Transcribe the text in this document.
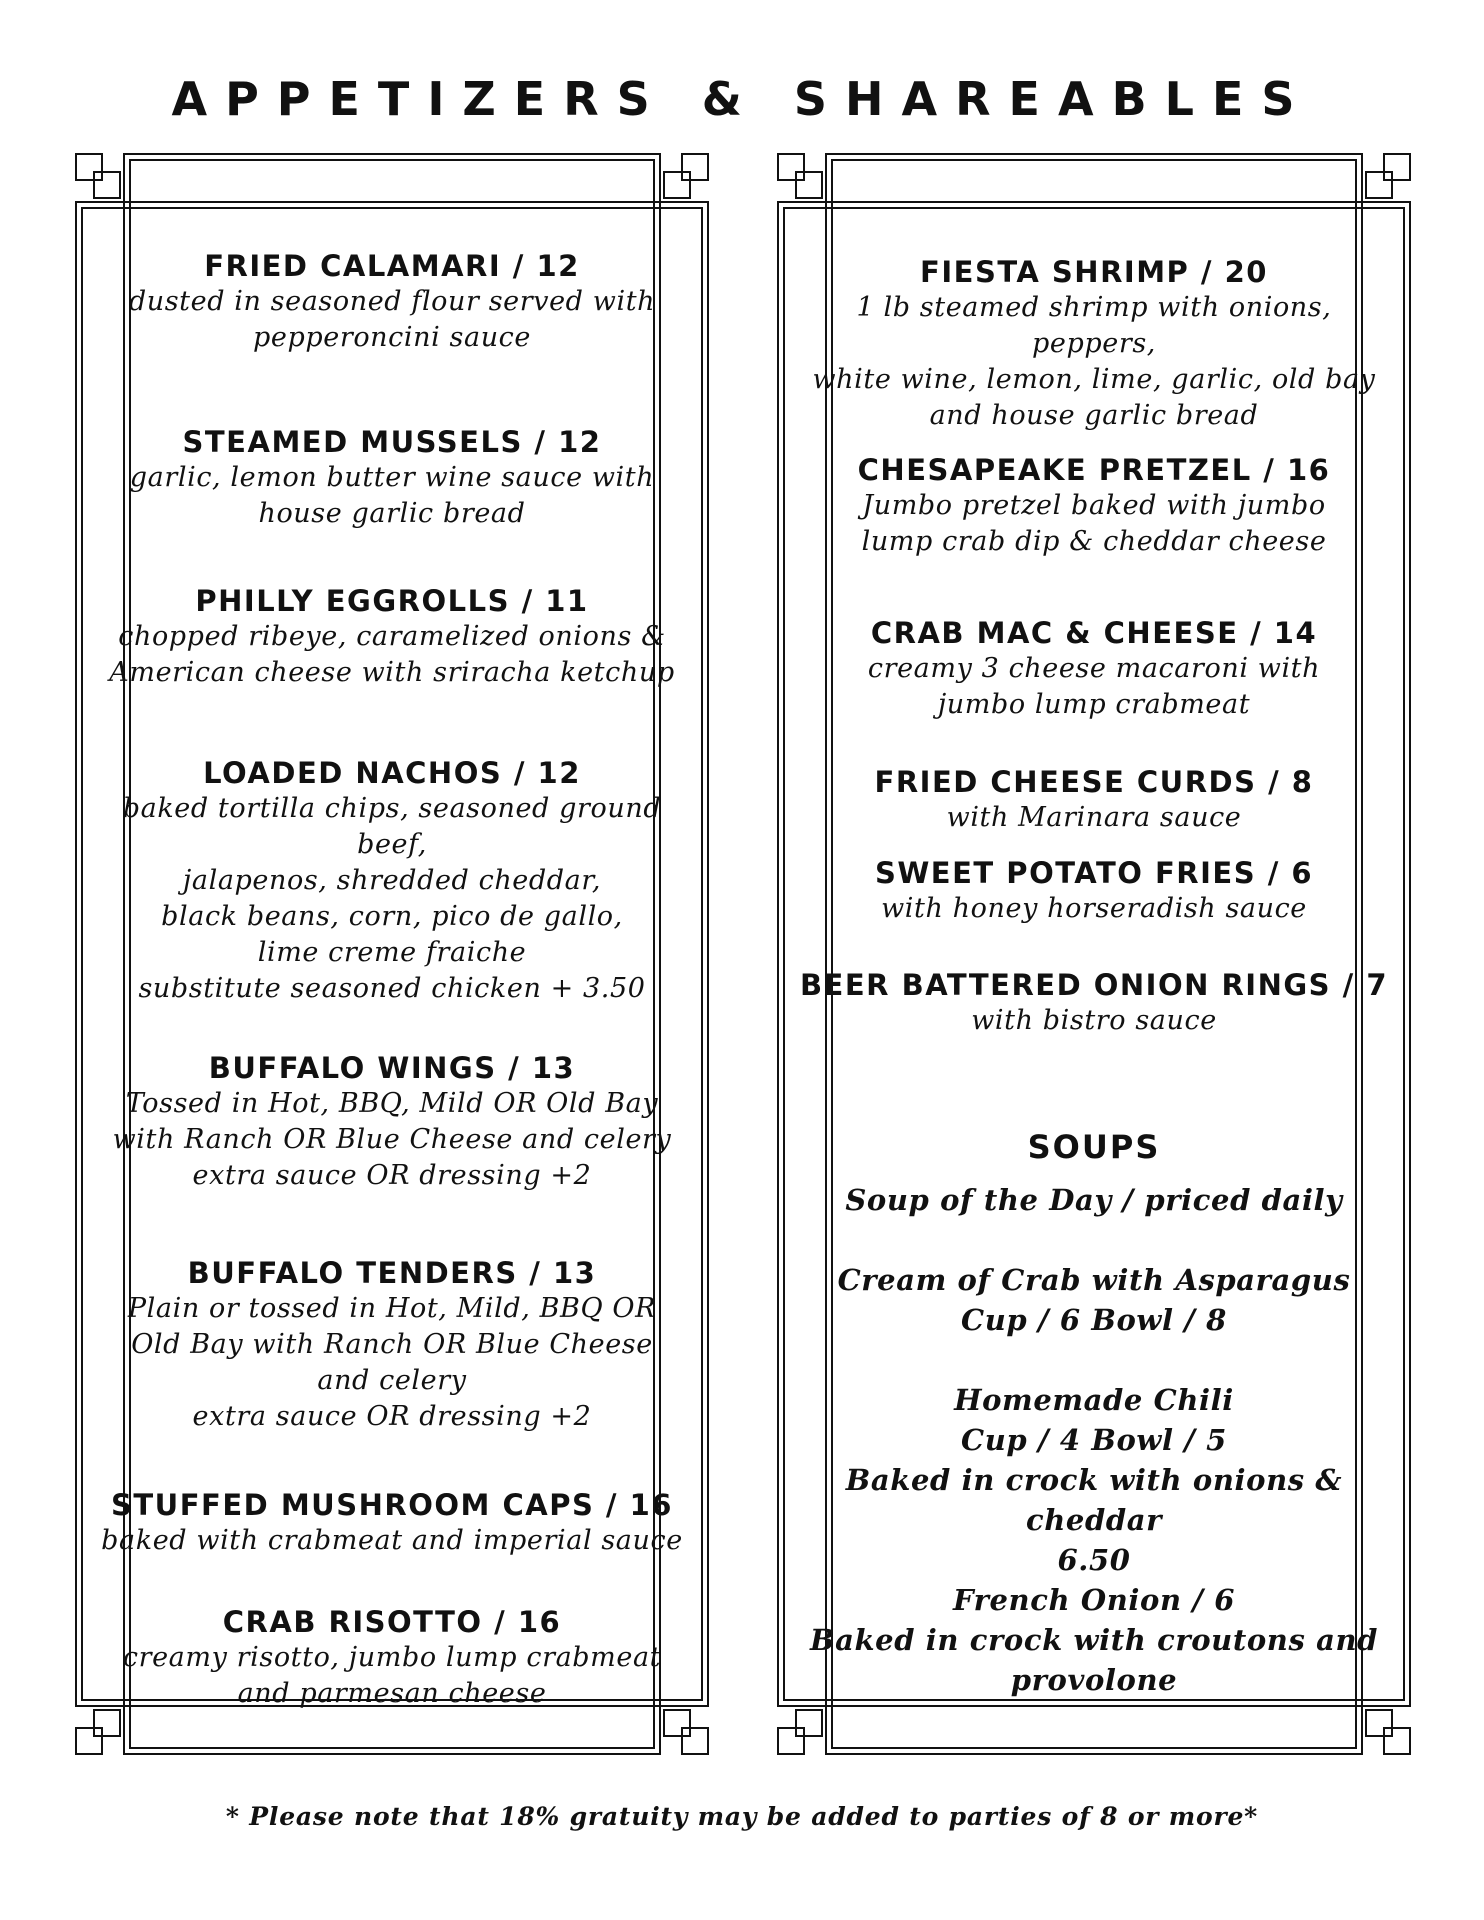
APPETIZERS & SHAREABLES
FRIED CALAMARI / 12
dusted in seasoned flour served with
pepperoncini sauce
STEAMED MUSSELS / 12
garlic, lemon butter wine sauce with
house garlic bread
PHILLY EGGROLLS / 11
chopped ribeye, caramelized onions &
American cheese with sriracha ketchup
LOADED NACHOS / 12
baked tortilla chips, seasoned ground beef,
jalapenos, shredded cheddar,
black beans, corn, pico de gallo,
lime creme fraiche
substitute seasoned chicken + 3.50
BUFFALO WINGS / 13
Tossed in Hot, BBQ, Mild OR Old Bay
with Ranch OR Blue Cheese and celery
extra sauce OR dressing +2
BUFFALO TENDERS / 13
Plain or tossed in Hot, Mild, BBQ OR
Old Bay with Ranch OR Blue Cheese
and celery
extra sauce OR dressing +2
STUFFED MUSHROOM CAPS / 16
baked with crabmeat and imperial sauce
CRAB RISOTTO / 16
creamy risotto, jumbo lump crabmeat
and parmesan cheese
FIESTA SHRIMP / 20
1 lb steamed shrimp with onions, peppers,
white wine, lemon, lime, garlic, old bay
and house garlic bread
CHESAPEAKE PRETZEL / 16
Jumbo pretzel baked with jumbo
lump crab dip & cheddar cheese
CRAB MAC & CHEESE / 14
creamy 3 cheese macaroni with
jumbo lump crabmeat
FRIED CHEESE CURDS / 8
with Marinara sauce
SWEET POTATO FRIES / 6
with honey horseradish sauce
BEER BATTERED ONION RINGS / 7
with bistro sauce
SOUPS
Soup of the Day / priced daily
Cream of Crab with Asparagus
Cup / 6 Bowl / 8
Homemade Chili
Cup / 4 Bowl / 5
Baked in crock with onions & cheddar
6.50
French Onion / 6
Baked in crock with croutons and
provolone
* Please note that 18% gratuity may be added to parties of 8 or more*
